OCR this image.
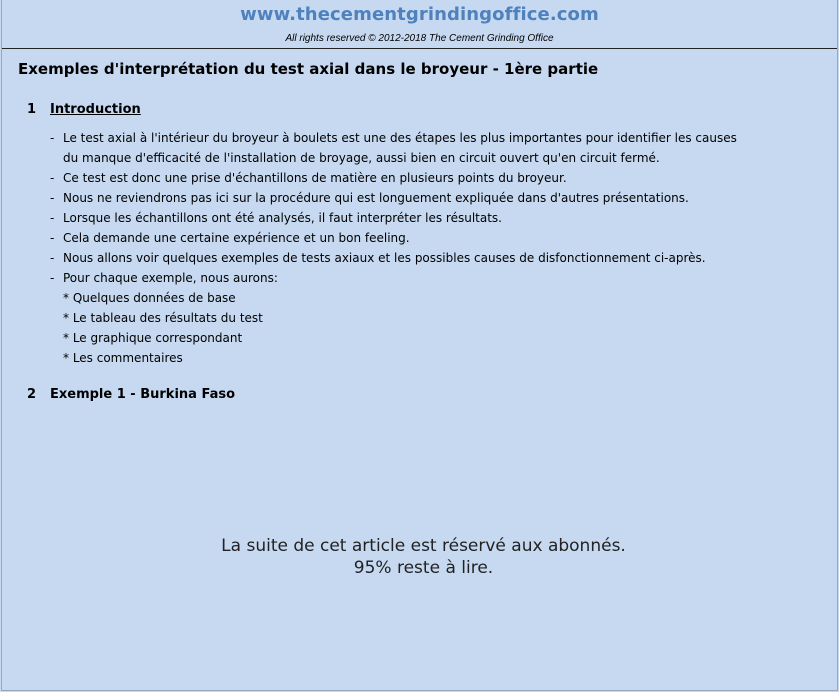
www.thecementgrindingoffice.com
All rights reserved © 2012-2018 The Cement Grinding Office
Exemples d'interprétation du test axial dans le broyeur - 1ère partie
1 Introduction
- Le test axial à l'intérieur du broyeur à boulets est une des étapes les plus importantes pour identifier les causes
du manque d'efficacité de l'installation de broyage, aussi bien en circuit ouvert qu'en circuit fermé.
- Ce test est donc une prise d'échantillons de matière en plusieurs points du broyeur.
- Nous ne reviendrons pas ici sur la procédure qui est longuement expliquée dans d'autres présentations.
- Lorsque les échantillons ont été analysés, il faut interpréter les résultats.
- Cela demande une certaine expérience et un bon feeling.
- Nous allons voir quelques exemples de tests axiaux et les possibles causes de disfonctionnement ci-après.
- Pour chaque exemple, nous aurons:
* Quelques données de base
* Le tableau des résultats du test
* Le graphique correspondant
* Les commentaires
2 Exemple 1 - Burkina Faso
La suite de cet article est réservé aux abonnés.
95% reste à lire.
